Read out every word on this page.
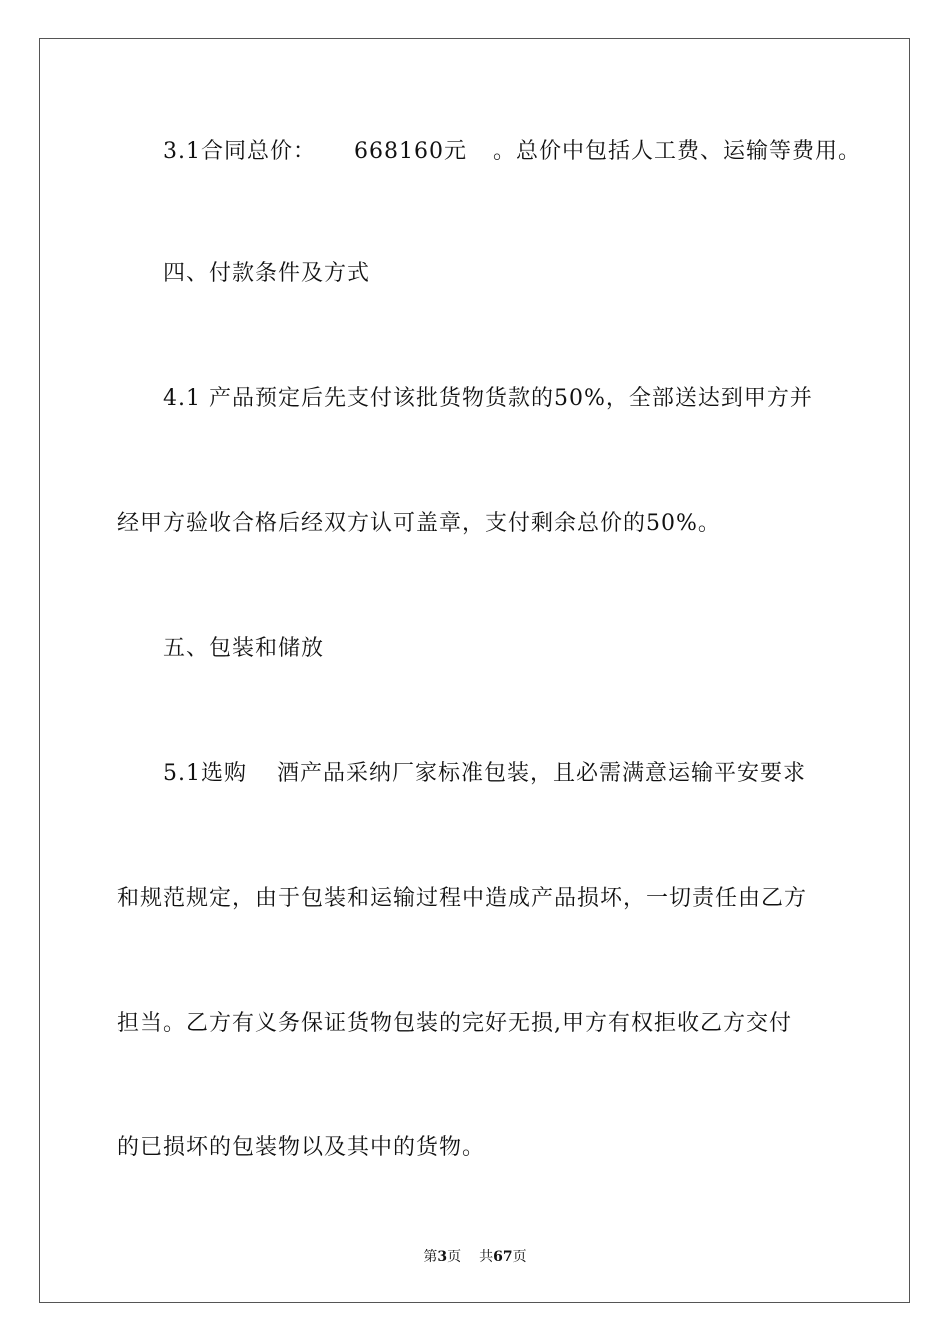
3.1合同总价： 668160元 。总价中包括人工费、运输等费用。
四、付款条件及方式
4.1 产品预定后先支付该批货物货款的50%，全部送达到甲方并
经甲方验收合格后经双方认可盖章，支付剩余总价的50%。
五、包装和储放
5.1选购 酒产品采纳厂家标准包装，且必需满意运输平安要求
和规范规定，由于包装和运输过程中造成产品损坏，一切责任由乙方
担当。乙方有义务保证货物包装的完好无损,甲方有权拒收乙方交付
的已损坏的包装物以及其中的货物。
第3页 共67页
